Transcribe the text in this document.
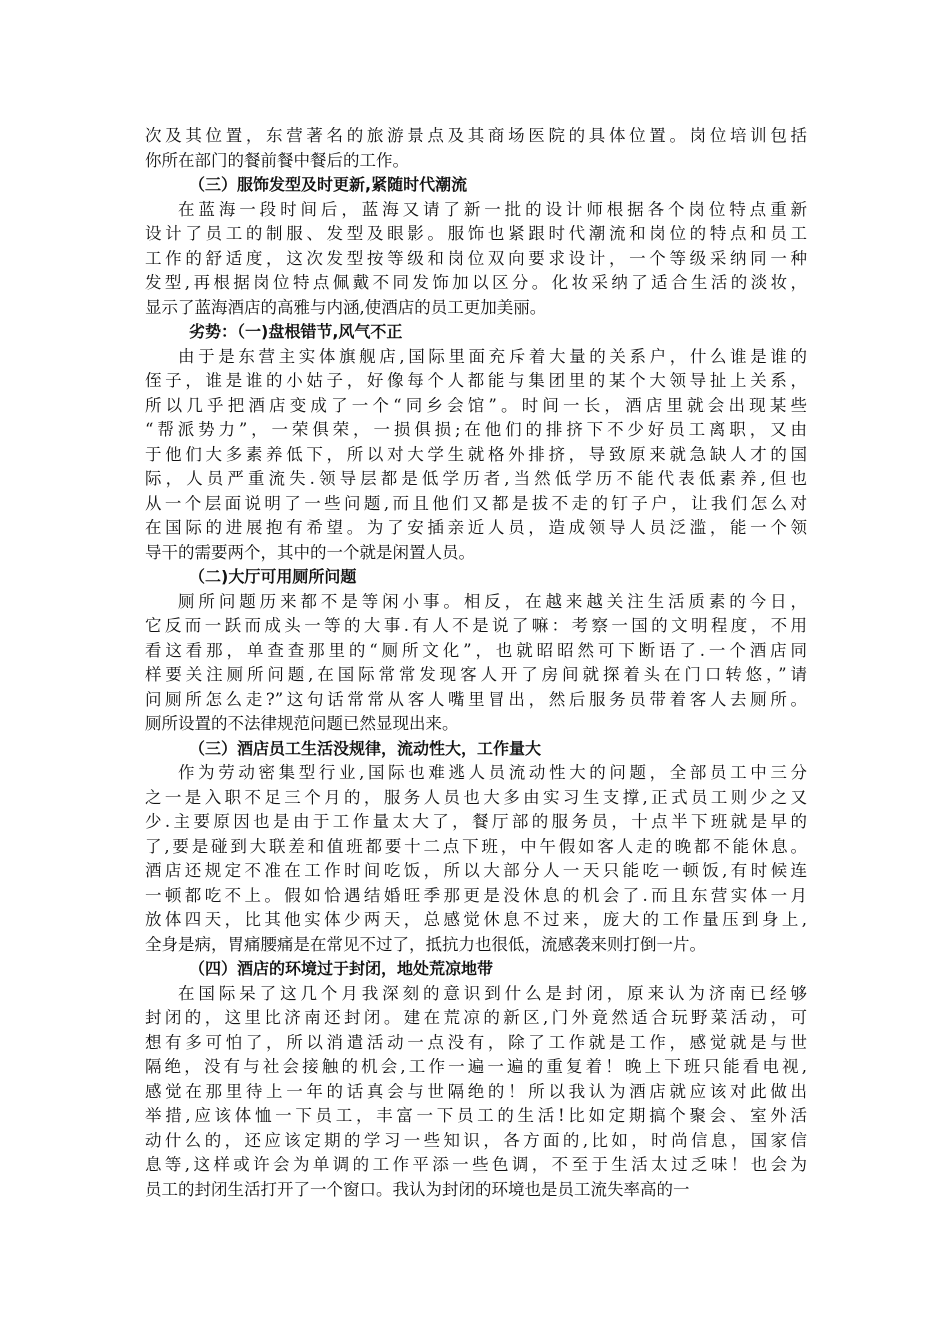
次及其位置，东营著名的旅游景点及其商场医院的具体位置。岗位培训包括
你所在部门的餐前餐中餐后的工作。
（三）服饰发型及时更新,紧随时代潮流
在蓝海一段时间后，蓝海又请了新一批的设计师根据各个岗位特点重新
设计了员工的制服、发型及眼影。服饰也紧跟时代潮流和岗位的特点和员工
工作的舒适度，这次发型按等级和岗位双向要求设计，一个等级采纳同一种
发型,再根据岗位特点佩戴不同发饰加以区分。化妆采纳了适合生活的淡妆，
显示了蓝海酒店的高雅与内涵,使酒店的员工更加美丽。
劣势：（一)盘根错节,风气不正
由于是东营主实体旗舰店,国际里面充斥着大量的关系户，什么谁是谁的
侄子，谁是谁的小姑子，好像每个人都能与集团里的某个大领导扯上关系，
所以几乎把酒店变成了一个“同乡会馆”。时间一长，酒店里就会出现某些
“帮派势力”，一荣俱荣，一损俱损;在他们的排挤下不少好员工离职，又由
于他们大多素养低下，所以对大学生就格外排挤，导致原来就急缺人才的国
际，人员严重流失.领导层都是低学历者,当然低学历不能代表低素养,但也
从一个层面说明了一些问题,而且他们又都是拔不走的钉子户，让我们怎么对
在国际的进展抱有希望。为了安插亲近人员，造成领导人员泛滥，能一个领
导干的需要两个，其中的一个就是闲置人员。
（二)大厅可用厕所问题
厕所问题历来都不是等闲小事。相反，在越来越关注生活质素的今日，
它反而一跃而成头一等的大事.有人不是说了嘛：考察一国的文明程度，不用
看这看那，单查查那里的“厕所文化”，也就昭昭然可下断语了.一个酒店同
样要关注厕所问题,在国际常常发现客人开了房间就探着头在门口转悠，”请
问厕所怎么走?”这句话常常从客人嘴里冒出，然后服务员带着客人去厕所。
厕所设置的不法律规范问题已然显现出来。
（三）酒店员工生活没规律，流动性大，工作量大
作为劳动密集型行业,国际也难逃人员流动性大的问题，全部员工中三分
之一是入职不足三个月的，服务人员也大多由实习生支撑,正式员工则少之又
少.主要原因也是由于工作量太大了，餐厅部的服务员，十点半下班就是早的
了,要是碰到大联差和值班都要十二点下班，中午假如客人走的晚都不能休息。
酒店还规定不准在工作时间吃饭，所以大部分人一天只能吃一顿饭,有时候连
一顿都吃不上。假如恰遇结婚旺季那更是没休息的机会了.而且东营实体一月
放体四天，比其他实体少两天，总感觉休息不过来，庞大的工作量压到身上,
全身是病，胃痛腰痛是在常见不过了，抵抗力也很低，流感袭来则打倒一片。
（四）酒店的环境过于封闭，地处荒凉地带
在国际呆了这几个月我深刻的意识到什么是封闭，原来认为济南已经够
封闭的，这里比济南还封闭。建在荒凉的新区,门外竟然适合玩野菜活动，可
想有多可怕了，所以消遣活动一点没有，除了工作就是工作，感觉就是与世
隔绝，没有与社会接触的机会,工作一遍一遍的重复着！晚上下班只能看电视,
感觉在那里待上一年的话真会与世隔绝的！所以我认为酒店就应该对此做出
举措,应该体恤一下员工，丰富一下员工的生活!比如定期搞个聚会、室外活
动什么的，还应该定期的学习一些知识，各方面的,比如，时尚信息，国家信
息等,这样或许会为单调的工作平添一些色调，不至于生活太过乏味！也会为
员工的封闭生活打开了一个窗口。我认为封闭的环境也是员工流失率高的一
